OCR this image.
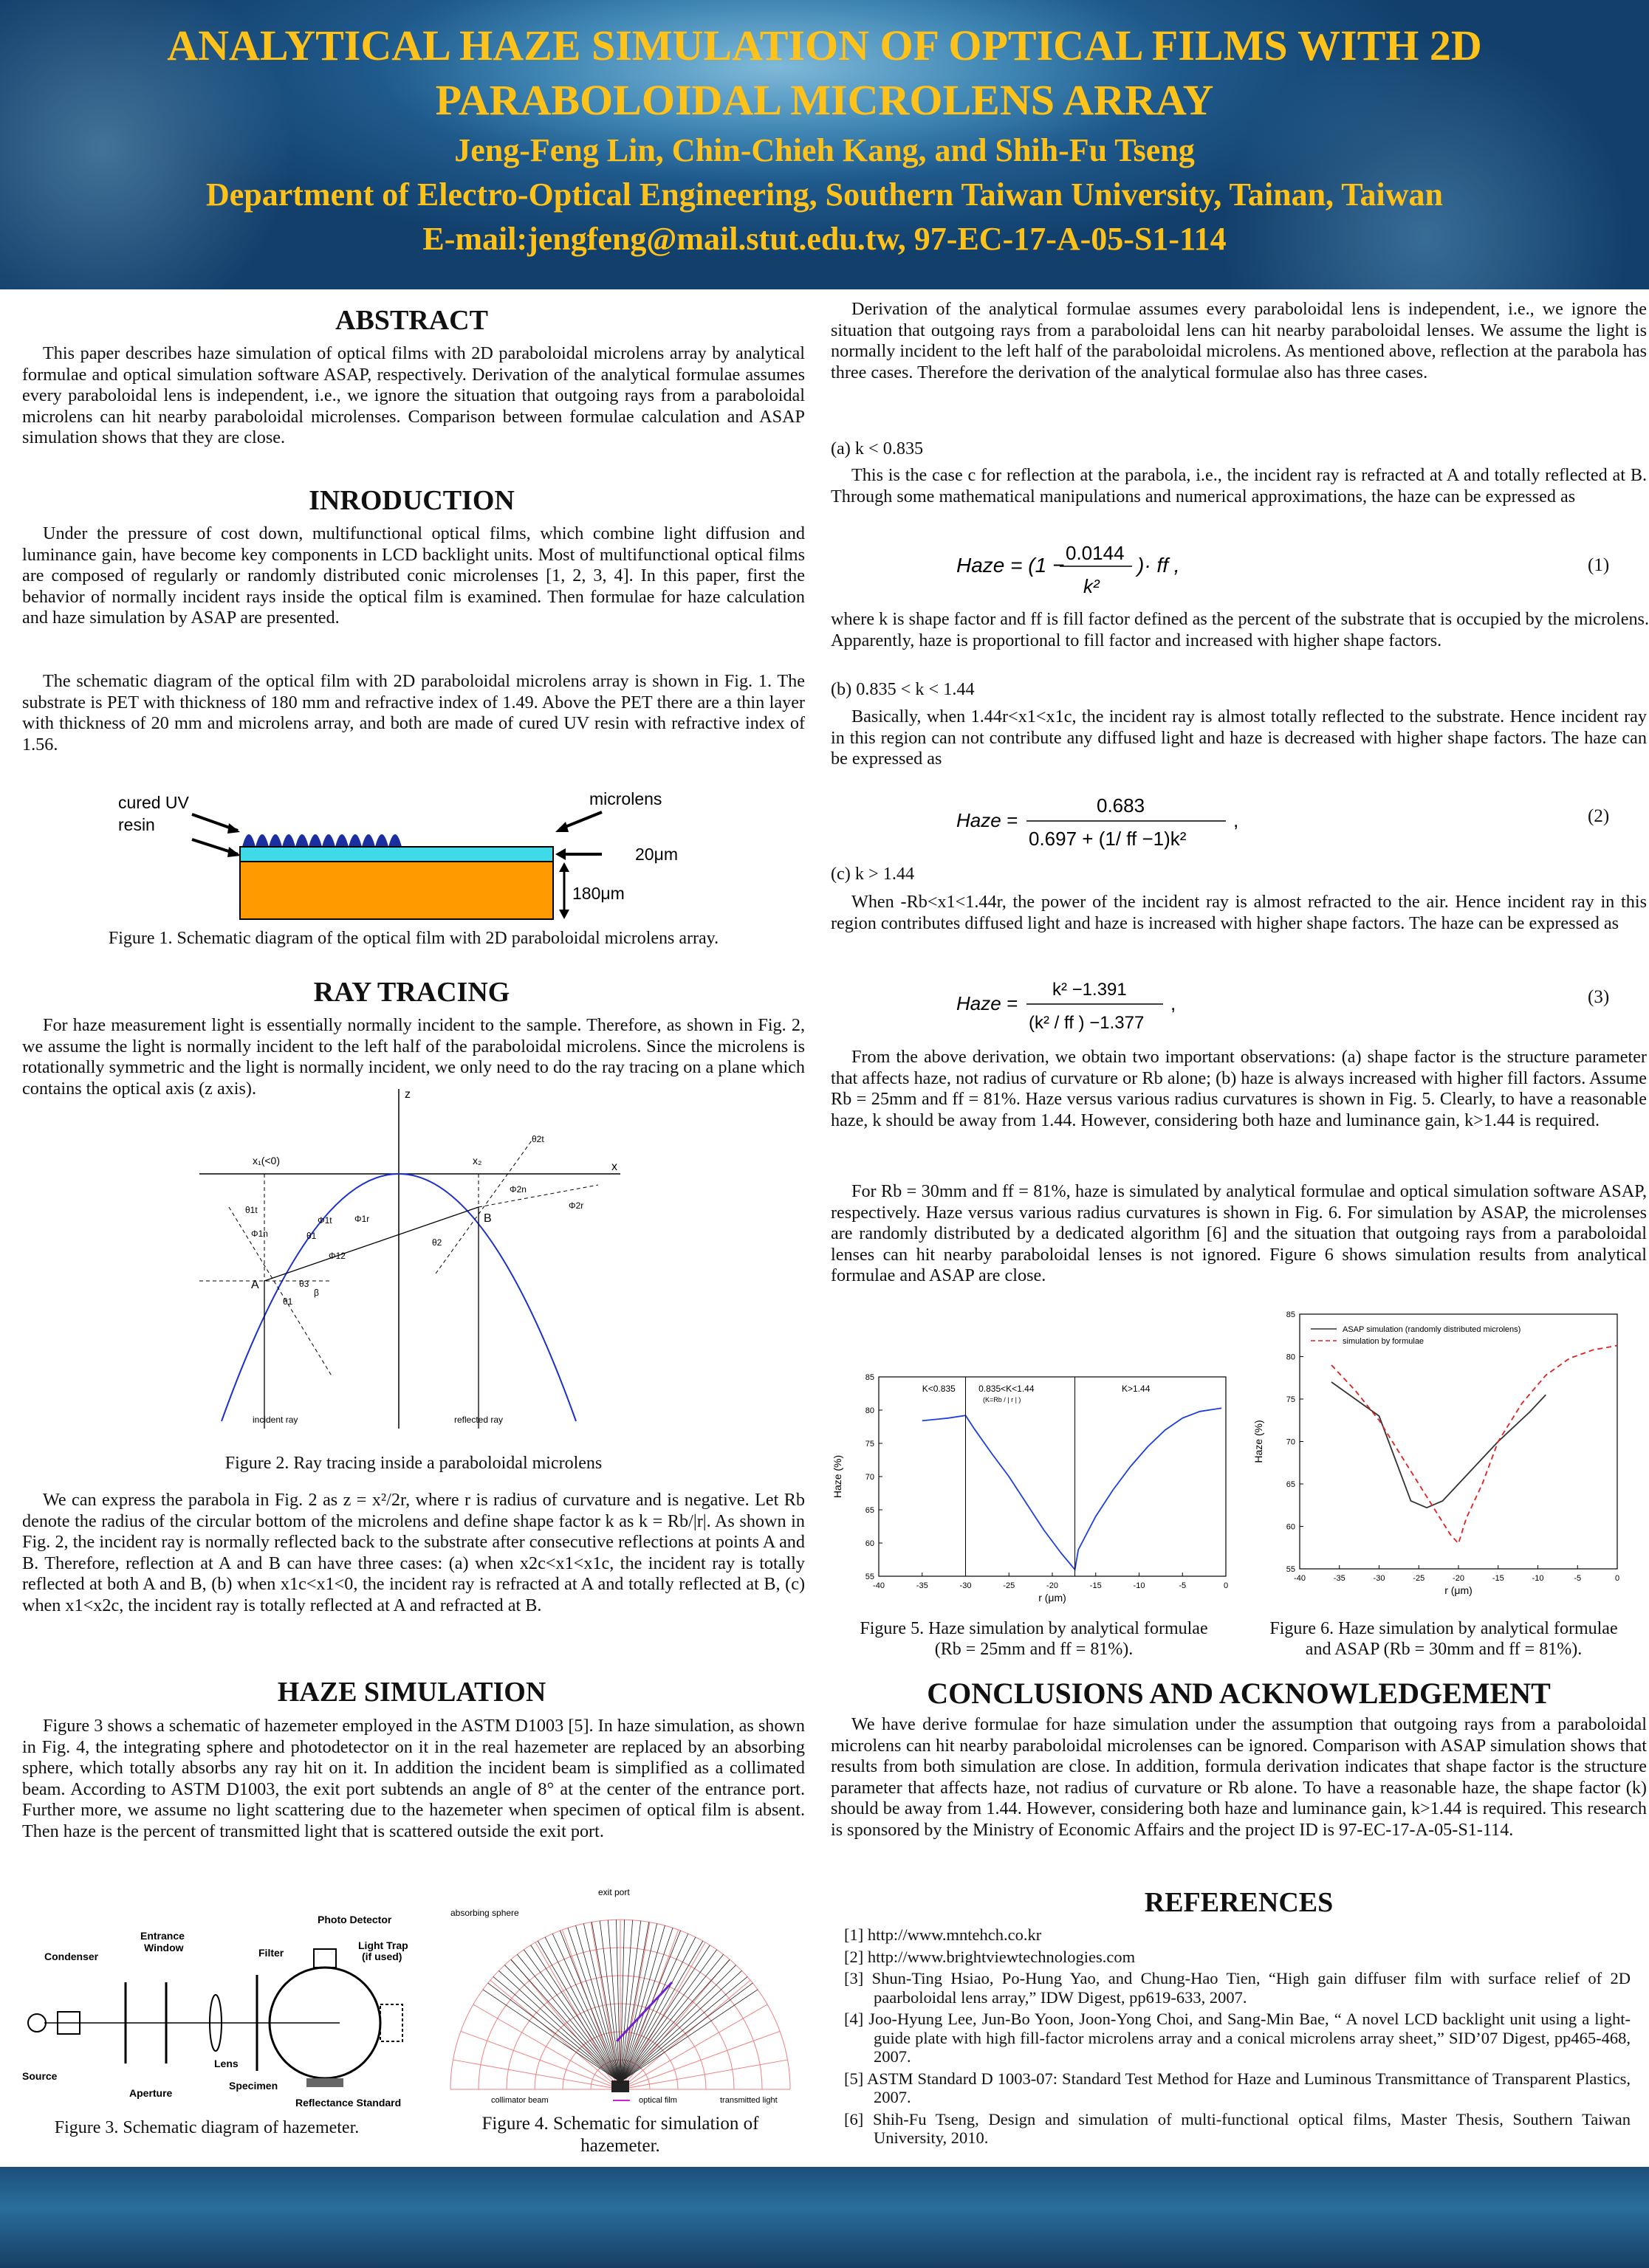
ANALYTICAL HAZE SIMULATION OF OPTICAL FILMS WITH 2D
PARABOLOIDAL MICROLENS ARRAY
Jeng-Feng Lin, Chin-Chieh Kang, and Shih-Fu Tseng
Department of Electro-Optical Engineering, Southern Taiwan University, Tainan, Taiwan
E-mail:jengfeng@mail.stut.edu.tw, 97-EC-17-A-05-S1-114
ABSTRACT
This paper describes haze simulation of optical films with 2D paraboloidal microlens array by analytical formulae and optical simulation software ASAP, respectively. Derivation of the analytical formulae assumes every paraboloidal lens is independent, i.e., we ignore the situation that outgoing rays from a paraboloidal microlens can hit nearby paraboloidal microlenses. Comparison between formulae calculation and ASAP simulation shows that they are close.
INRODUCTION
Under the pressure of cost down, multifunctional optical films, which combine light diffusion and luminance gain, have become key components in LCD backlight units. Most of multifunctional optical films are composed of regularly or randomly distributed conic microlenses [1, 2, 3, 4]. In this paper, first the behavior of normally incident rays inside the optical film is examined. Then formulae for haze calculation and haze simulation by ASAP are presented.
The schematic diagram of the optical film with 2D paraboloidal microlens array is shown in Fig. 1. The substrate is PET with thickness of 180 mm and refractive index of 1.49. Above the PET there are a thin layer with thickness of 20 mm and microlens array, and both are made of cured UV resin with refractive index of 1.56.
cured UV
resin
microlens
20μm
180μm
Figure 1. Schematic diagram of the optical film with 2D paraboloidal microlens array.
RAY TRACING
For haze measurement light is essentially normally incident to the sample. Therefore, as shown in Fig. 2, we assume the light is normally incident to the left half of the paraboloidal microlens. Since the microlens is rotationally symmetric and the light is normally incident, we only need to do the ray tracing on a plane which contains the optical axis (z axis).	z
x
x₁(<0)	x₂
A
B
θ1t
Φ1n
Φ1t	Φ1r
θ1
Φ12
θ3
β
θ1
θ2
Φ2n
Φ2r
θ2t
incident ray	reflected ray
Figure 2. Ray tracing inside a paraboloidal microlens
We can express the parabola in Fig. 2 as z = x²/2r, where r is radius of curvature and is negative. Let Rb denote the radius of the circular bottom of the microlens and define shape factor k as k = Rb/|r|. As shown in Fig. 2, the incident ray is normally reflected back to the substrate after consecutive reflections at points A and B. Therefore, reflection at A and B can have three cases: (a) when x2c<x1<x1c, the incident ray is totally reflected at both A and B, (b) when x1c<x1<0, the incident ray is refracted at A and totally reflected at B, (c) when x1<x2c, the incident ray is totally reflected at A and refracted at B.
HAZE SIMULATION
Figure 3 shows a schematic of hazemeter employed in the ASTM D1003 [5]. In haze simulation, as shown in Fig. 4, the integrating sphere and photodetector on it in the real hazemeter are replaced by an absorbing sphere, which totally absorbs any ray hit on it. In addition the incident beam is simplified as a collimated beam. According to ASTM D1003, the exit port subtends an angle of 8° at the center of the entrance port. Further more, we assume no light scattering due to the hazemeter when specimen of optical film is absent. Then haze is the percent of transmitted light that is scattered outside the exit port.
Condenser
Entrance
Window
Photo Detector
Filter
Light Trap
(if used)
Source
Aperture
Lens
Specimen
Reflectance Standard
Figure 3. Schematic diagram of hazemeter.
exit port
absorbing sphere
collimator beam	optical film	transmitted light
Figure 4. Schematic for simulation of
hazemeter.
Derivation of the analytical formulae assumes every paraboloidal lens is independent, i.e., we ignore the situation that outgoing rays from a paraboloidal lens can hit nearby paraboloidal lenses. We assume the light is normally incident to the left half of the paraboloidal microlens. As mentioned above, reflection at the parabola has three cases. Therefore the derivation of the analytical formulae also has three cases.
(a) k < 0.835
This is the case c for reflection at the parabola, i.e., the incident ray is refracted at A and totally reflected at B. Through some mathematical manipulations and numerical approximations, the haze can be expressed as
Haze = (1 −
0.0144
k²
)· ff ,	(1)
where k is shape factor and ff is fill factor defined as the percent of the substrate that is occupied by the microlens. Apparently, haze is proportional to fill factor and increased with higher shape factors.
(b) 0.835 < k < 1.44
Basically, when 1.44r<x1<x1c, the incident ray is almost totally reflected to the substrate. Hence incident ray in this region can not contribute any diffused light and haze is decreased with higher shape factors. The haze can be expressed as
Haze =
0.683
0.697 + (1/ ff −1)k²
,	(2)
(c) k > 1.44
When -Rb<x1<1.44r, the power of the incident ray is almost refracted to the air. Hence incident ray in this region contributes diffused light and haze is increased with higher shape factors. The haze can be expressed as
Haze =
k² −1.391
(k² / ff ) −1.377
,	(3)
From the above derivation, we obtain two important observations: (a) shape factor is the structure parameter that affects haze, not radius of curvature or Rb alone; (b) haze is always increased with higher fill factors. Assume Rb = 25mm and ff = 81%. Haze versus various radius curvatures is shown in Fig. 5. Clearly, to have a reasonable haze, k should be away from 1.44. However, considering both haze and luminance gain, k>1.44 is required.
For Rb = 30mm and ff = 81%, haze is simulated by analytical formulae and optical simulation software ASAP, respectively. Haze versus various radius curvatures is shown in Fig. 6. For simulation by ASAP, the microlenses are randomly distributed by a dedicated algorithm [6] and the situation that outgoing rays from a paraboloidal lenses can hit nearby paraboloidal lenses is not ignored. Figure 6 shows simulation results from analytical formulae and ASAP are close.
-40	-35	-30	-25	-20	-15	-10	-5	0
55
60
65
70
75
80
85
r (μm)
Haze (%)
K<0.835	0.835<K<1.44
(K=Rb / | r | )
K>1.44
Figure 5. Haze simulation by analytical formulae
(Rb = 25mm and ff = 81%).
-40	-35	-30	-25	-20	-15	-10	-5	0
55
60
65
70
75
80
85
r (μm)
Haze (%)
ASAP simulation (randomly distributed microlens)
simulation by formulae
Figure 6. Haze simulation by analytical formulae
and ASAP (Rb = 30mm and ff = 81%).
CONCLUSIONS AND ACKNOWLEDGEMENT
We have derive formulae for haze simulation under the assumption that outgoing rays from a paraboloidal microlens can hit nearby paraboloidal microlenses can be ignored. Comparison with ASAP simulation shows that results from both simulation are close. In addition, formula derivation indicates that shape factor is the structure parameter that affects haze, not radius of curvature or Rb alone. To have a reasonable haze, the shape factor (k) should be away from 1.44. However, considering both haze and luminance gain, k>1.44 is required. This research is sponsored by the Ministry of Economic Affairs and the project ID is 97-EC-17-A-05-S1-114.
REFERENCES
[1] http://www.mntehch.co.kr
[2] http://www.brightviewtechnologies.com
[3] Shun-Ting Hsiao, Po-Hung Yao, and Chung-Hao Tien, “High gain diffuser film with surface relief of 2D paarboloidal lens array,” IDW Digest, pp619-633, 2007.
[4] Joo-Hyung Lee, Jun-Bo Yoon, Joon-Yong Choi, and Sang-Min Bae, “ A novel LCD backlight unit using a light-guide plate with high fill-factor microlens array and a conical microlens array sheet,” SID’07 Digest, pp465-468, 2007.
[5] ASTM Standard D 1003-07: Standard Test Method for Haze and Luminous Transmittance of Transparent Plastics, 2007.
[6] Shih-Fu Tseng, Design and simulation of multi-functional optical films, Master Thesis, Southern Taiwan University, 2010.
